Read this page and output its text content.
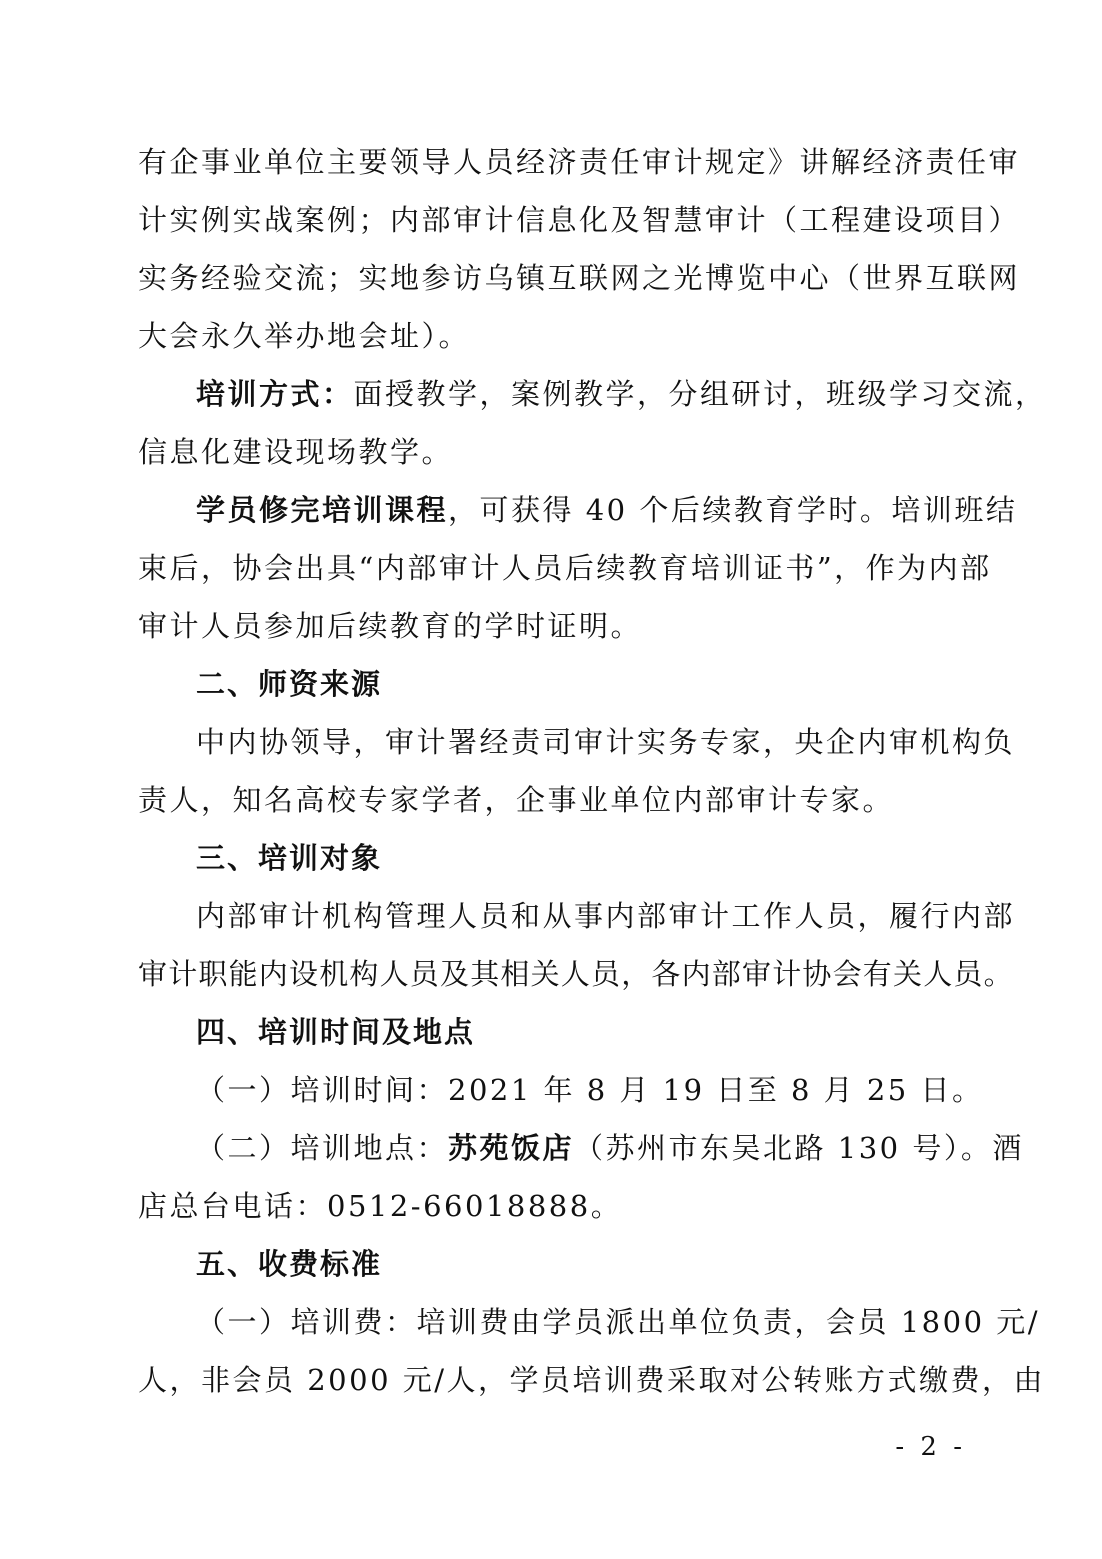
有企事业单位主要领导人员经济责任审计规定》讲解经济责任审
计实例实战案例；内部审计信息化及智慧审计（工程建设项目）
实务经验交流；实地参访乌镇互联网之光博览中心（世界互联网
大会永久举办地会址）。
培训方式：面授教学，案例教学，分组研讨，班级学习交流，
信息化建设现场教学。
学员修完培训课程，可获得 40 个后续教育学时。培训班结
束后，协会出具“内部审计人员后续教育培训证书”，作为内部
审计人员参加后续教育的学时证明。
二、师资来源
中内协领导，审计署经责司审计实务专家，央企内审机构负
责人，知名高校专家学者，企事业单位内部审计专家。
三、培训对象
内部审计机构管理人员和从事内部审计工作人员，履行内部
审计职能内设机构人员及其相关人员，各内部审计协会有关人员。
四、培训时间及地点
（一）培训时间：2021 年 8 月 19 日至 8 月 25 日。
（二）培训地点：苏苑饭店（苏州市东吴北路 130 号）。酒
店总台电话：0512-66018888。
五、收费标准
（一）培训费：培训费由学员派出单位负责，会员 1800 元/
人，非会员 2000 元/人，学员培训费采取对公转账方式缴费，由
- 2 -
